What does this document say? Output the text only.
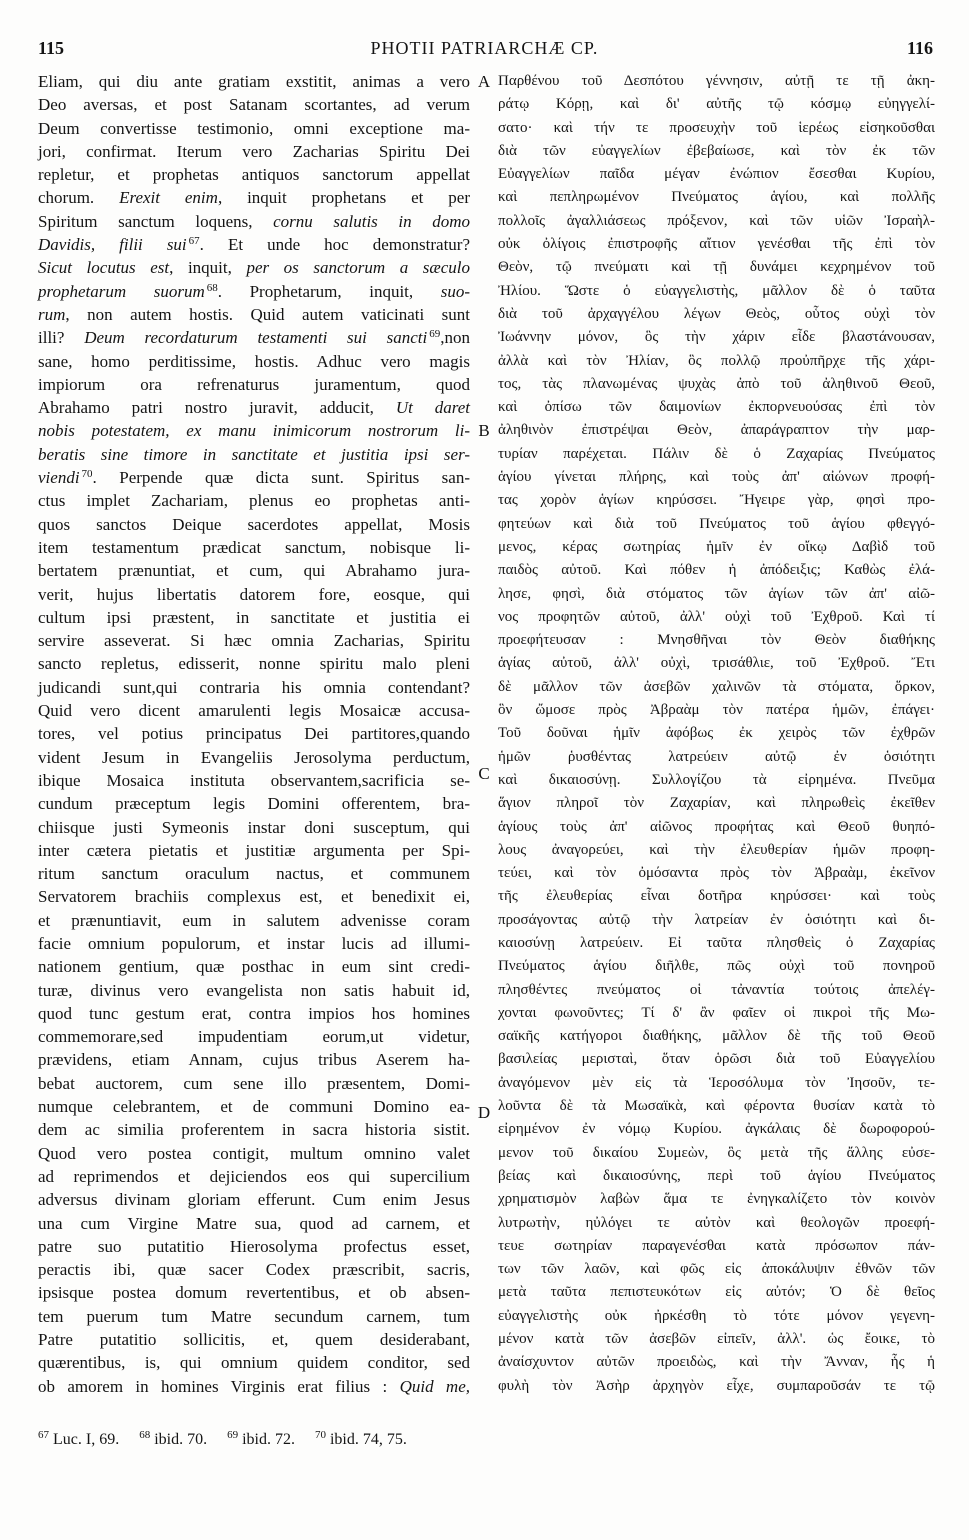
PHOTII PATRIARCHÆ CP.
115	116
Eliam, qui diu ante gratiam exstitit, animas a vero
Deo aversas, et post Satanam scortantes, ad verum
Deum convertisse testimonio, omni exceptione ma-
jori, confirmat. Iterum vero Zacharias Spiritu Dei
repletur, et prophetas antiquos sanctorum appellat
chorum. Erexit enim, inquit prophetans et per
Spiritum sanctum loquens, cornu salutis in domo
Davidis, filii sui $^{67}$. Et unde hoc demonstratur?
Sicut locutus est, inquit, per os sanctorum a sæculo
prophetarum suorum $^{68}$. Prophetarum, inquit, suo-
rum, non autem hostis. Quid autem vaticinati sunt
illi? Deum recordaturum testamenti sui sancti $^{69}$,non
sane, homo perditissime, hostis. Adhuc vero magis
impiorum ora refrenaturus juramentum, quod
Abrahamo patri nostro juravit, adducit, Ut daret
nobis potestatem, ex manu inimicorum nostrorum li-
beratis sine timore in sanctitate et justitia ipsi ser-
viendi $^{70}$. Perpende quæ dicta sunt. Spiritus san-
ctus implet Zachariam, plenus eo prophetas anti-
quos sanctos Deique sacerdotes appellat, Mosis
item testamentum prædicat sanctum, nobisque li-
bertatem prænuntiat, et cum, qui Abrahamo jura-
verit, hujus libertatis datorem fore, eosque, qui
cultum ipsi præstent, in sanctitate et justitia ei
servire asseverat. Si hæc omnia Zacharias, Spiritu
sancto repletus, edisserit, nonne spiritu malo pleni
judicandi sunt,qui contraria his omnia contendant?
Quid vero dicent amarulenti legis Mosaicæ accusa-
tores, vel potius principatus Dei partitores,quando
vident Jesum in Evangeliis Jerosolyma perductum,
ibique Mosaica instituta observantem,sacrificia se-
cundum præceptum legis Domini offerentem, bra-
chiisque justi Symeonis instar doni susceptum, qui
inter cætera pietatis et justitiæ argumenta per Spi-
ritum sanctum oraculum nactus, et communem
Servatorem brachiis complexus est, et benedixit ei,
et prænuntiavit, eum in salutem advenisse coram
facie omnium populorum, et instar lucis ad illumi-
nationem gentium, quæ posthac in eum sint credi-
turæ, divinus vero evangelista non satis habuit id,
quod tunc gestum erat, contra impios hos homines
commemorare,sed impudentiam eorum,ut videtur,
prævidens, etiam Annam, cujus tribus Aserem ha-
bebat auctorem, cum sene illo præsentem, Domi-
numque celebrantem, et de communi Domino ea-
dem ac similia proferentem in sacra historia sistit.
Quod vero postea contigit, multum omnino valet
ad reprimendos et dejiciendos eos qui supercilium
adversus divinam gloriam efferunt. Cum enim Jesus
una cum Virgine Matre sua, quod ad carnem, et
patre suo putatitio Hierosolyma profectus esset,
peractis ibi, quæ sacer Codex præscribit, sacris,
ipsisque postea domum revertentibus, et ob absen-
tem puerum tum Matre secundum carnem, tum
Patre putatitio sollicitis, et, quem desiderabant,
quærentibus, is, qui omnium quidem conditor, sed
ob amorem in homines Virginis erat filius : Quid me,
A
B
C
D
Παρθένου τοῦ Δεσπότου γέννησιν, αὐτῇ τε τῇ ἀκη-
ράτῳ Κόρῃ, καὶ δι' αὐτῆς τῷ κόσμῳ εὐηγγελί-
σατο· καὶ τήν τε προσευχὴν τοῦ ἱερέως εἰσηκοῦσθαι
διὰ τῶν εὐαγγελίων ἐβεβαίωσε, καὶ τὸν ἐκ τῶν
Εὐαγγελίων παῖδα μέγαν ἐνώπιον ἔσεσθαι Κυρίου,
καὶ πεπληρωμένον Πνεύματος ἁγίου, καὶ πολλῆς
πολλοῖς ἀγαλλιάσεως πρόξενον, καὶ τῶν υἱῶν Ἰσραὴλ-
οὐκ ὀλίγοις ἐπιστροφῆς αἴτιον γενέσθαι τῆς ἐπὶ τὸν
Θεὸν, τῷ πνεύματι καὶ τῇ δυνάμει κεχρημένον τοῦ
Ἠλίου. Ὥστε ὁ εὐαγγελιστὴς, μᾶλλον δὲ ὁ ταῦτα
διὰ τοῦ ἀρχαγγέλου λέγων Θεὸς, οὗτος οὐχὶ τὸν
Ἰωάννην μόνον, ὃς τὴν χάριν εἶδε βλαστάνουσαν,
ἀλλὰ καὶ τὸν Ἠλίαν, ὃς πολλῷ προὐπῆρχε τῆς χάρι-
τος, τὰς πλανωμένας ψυχὰς ἀπὸ τοῦ ἀληθινοῦ Θεοῦ,
καὶ ὀπίσω τῶν δαιμονίων ἐκπορνευούσας ἐπὶ τὸν
ἀληθινὸν ἐπιστρέψαι Θεὸν, ἀπαράγραπτον τὴν μαρ-
τυρίαν παρέχεται. Πάλιν δὲ ὁ Ζαχαρίας Πνεύματος
ἁγίου γίνεται πλήρης, καὶ τοὺς ἀπ' αἰώνων προφή-
τας χορὸν ἁγίων κηρύσσει. Ἤγειρε γὰρ, φησὶ προ-
φητεύων καὶ διὰ τοῦ Πνεύματος τοῦ ἁγίου φθεγγό-
μενος, κέρας σωτηρίας ἡμῖν ἐν οἴκῳ Δαβὶδ τοῦ
παιδὸς αὐτοῦ. Καὶ πόθεν ἡ ἀπόδειξις; Καθὼς ἐλά-
λησε, φησὶ, διὰ στόματος τῶν ἁγίων τῶν ἀπ' αἰῶ-
νος προφητῶν αὐτοῦ, ἀλλ' οὐχὶ τοῦ Ἐχθροῦ. Καὶ τί
προεφήτευσαν : Μνησθῆναι τὸν Θεὸν διαθήκης
ἁγίας αὐτοῦ, ἀλλ' οὐχὶ, τρισάθλιε, τοῦ Ἐχθροῦ. Ἔτι
δὲ μᾶλλον τῶν ἀσεβῶν χαλινῶν τὰ στόματα, ὅρκον,
ὃν ὤμοσε πρὸς Ἀβραὰμ τὸν πατέρα ἡμῶν, ἐπάγει·
Τοῦ δοῦναι ἡμῖν ἀφόβως ἐκ χειρὸς τῶν ἐχθρῶν
ἡμῶν ῥυσθέντας λατρεύειν αὐτῷ ἐν ὁσιότητι
καὶ δικαιοσύνῃ. Συλλογίζου τὰ εἰρημένα. Πνεῦμα
ἅγιον πληροῖ τὸν Ζαχαρίαν, καὶ πληρωθεὶς ἐκεῖθεν
ἁγίους τοὺς ἀπ' αἰῶνος προφήτας καὶ Θεοῦ θυηπό-
λους ἀναγορεύει, καὶ τὴν ἐλευθερίαν ἡμῶν προφη-
τεύει, καὶ τὸν ὀμόσαντα πρὸς τὸν Ἀβραὰμ, ἐκεῖνον
τῆς ἐλευθερίας εἶναι δοτῆρα κηρύσσει· καὶ τοὺς
προσάγοντας αὐτῷ τὴν λατρείαν ἐν ὁσιότητι καὶ δι-
καιοσύνῃ λατρεύειν. Εἰ ταῦτα πλησθεὶς ὁ Ζαχαρίας
Πνεύματος ἁγίου διῆλθε, πῶς οὐχὶ τοῦ πονηροῦ
πλησθέντες πνεύματος οἱ τἀναντία τούτοις ἀπελέγ-
χονται φωνοῦντες; Τί δ' ἂν φαῖεν οἱ πικροὶ τῆς Μω-
σαϊκῆς κατήγοροι διαθήκης, μᾶλλον δὲ τῆς τοῦ Θεοῦ
βασιλείας μερισταὶ, ὅταν ὁρῶσι διὰ τοῦ Εὐαγγελίου
ἀναγόμενον μὲν εἰς τὰ Ἱεροσόλυμα τὸν Ἰησοῦν, τε-
λοῦντα δὲ τὰ Μωσαϊκὰ, καὶ φέροντα θυσίαν κατὰ τὸ
εἰρημένον ἐν νόμῳ Κυρίου. ἀγκάλαις δὲ δωροφορού-
μενον τοῦ δικαίου Συμεὼν, ὃς μετὰ τῆς ἄλλης εὐσε-
βείας καὶ δικαιοσύνης, περὶ τοῦ ἁγίου Πνεύματος
χρηματισμὸν λαβὼν ἅμα τε ἐνηγκαλίζετο τὸν κοινὸν
λυτρωτὴν, ηὐλόγει τε αὐτὸν καὶ θεολογῶν προεφή-
τευε σωτηρίαν παραγενέσθαι κατὰ πρόσωπον πάν-
των τῶν λαῶν, καὶ φῶς εἰς ἀποκάλυψιν ἐθνῶν τῶν
μετὰ ταῦτα πεπιστευκότων εἰς αὐτόν; Ὁ δὲ θεῖος
εὐαγγελιστὴς οὐκ ἠρκέσθη τὸ τότε μόνον γεγενη-
μένον κατὰ τῶν ἀσεβῶν εἰπεῖν, ἀλλ'. ὡς ἔοικε, τὸ
ἀναίσχυντον αὐτῶν προειδὼς, καὶ τὴν Ἄνναν, ἧς ἡ
φυλὴ τὸν Ἀσὴρ ἀρχηγὸν εἶχε, συμπαροῦσάν τε τῷ
$^{67}$ Luc. I, 69. $^{68}$ ibid. 70. $^{69}$ ibid. 72. $^{70}$ ibid. 74, 75.
